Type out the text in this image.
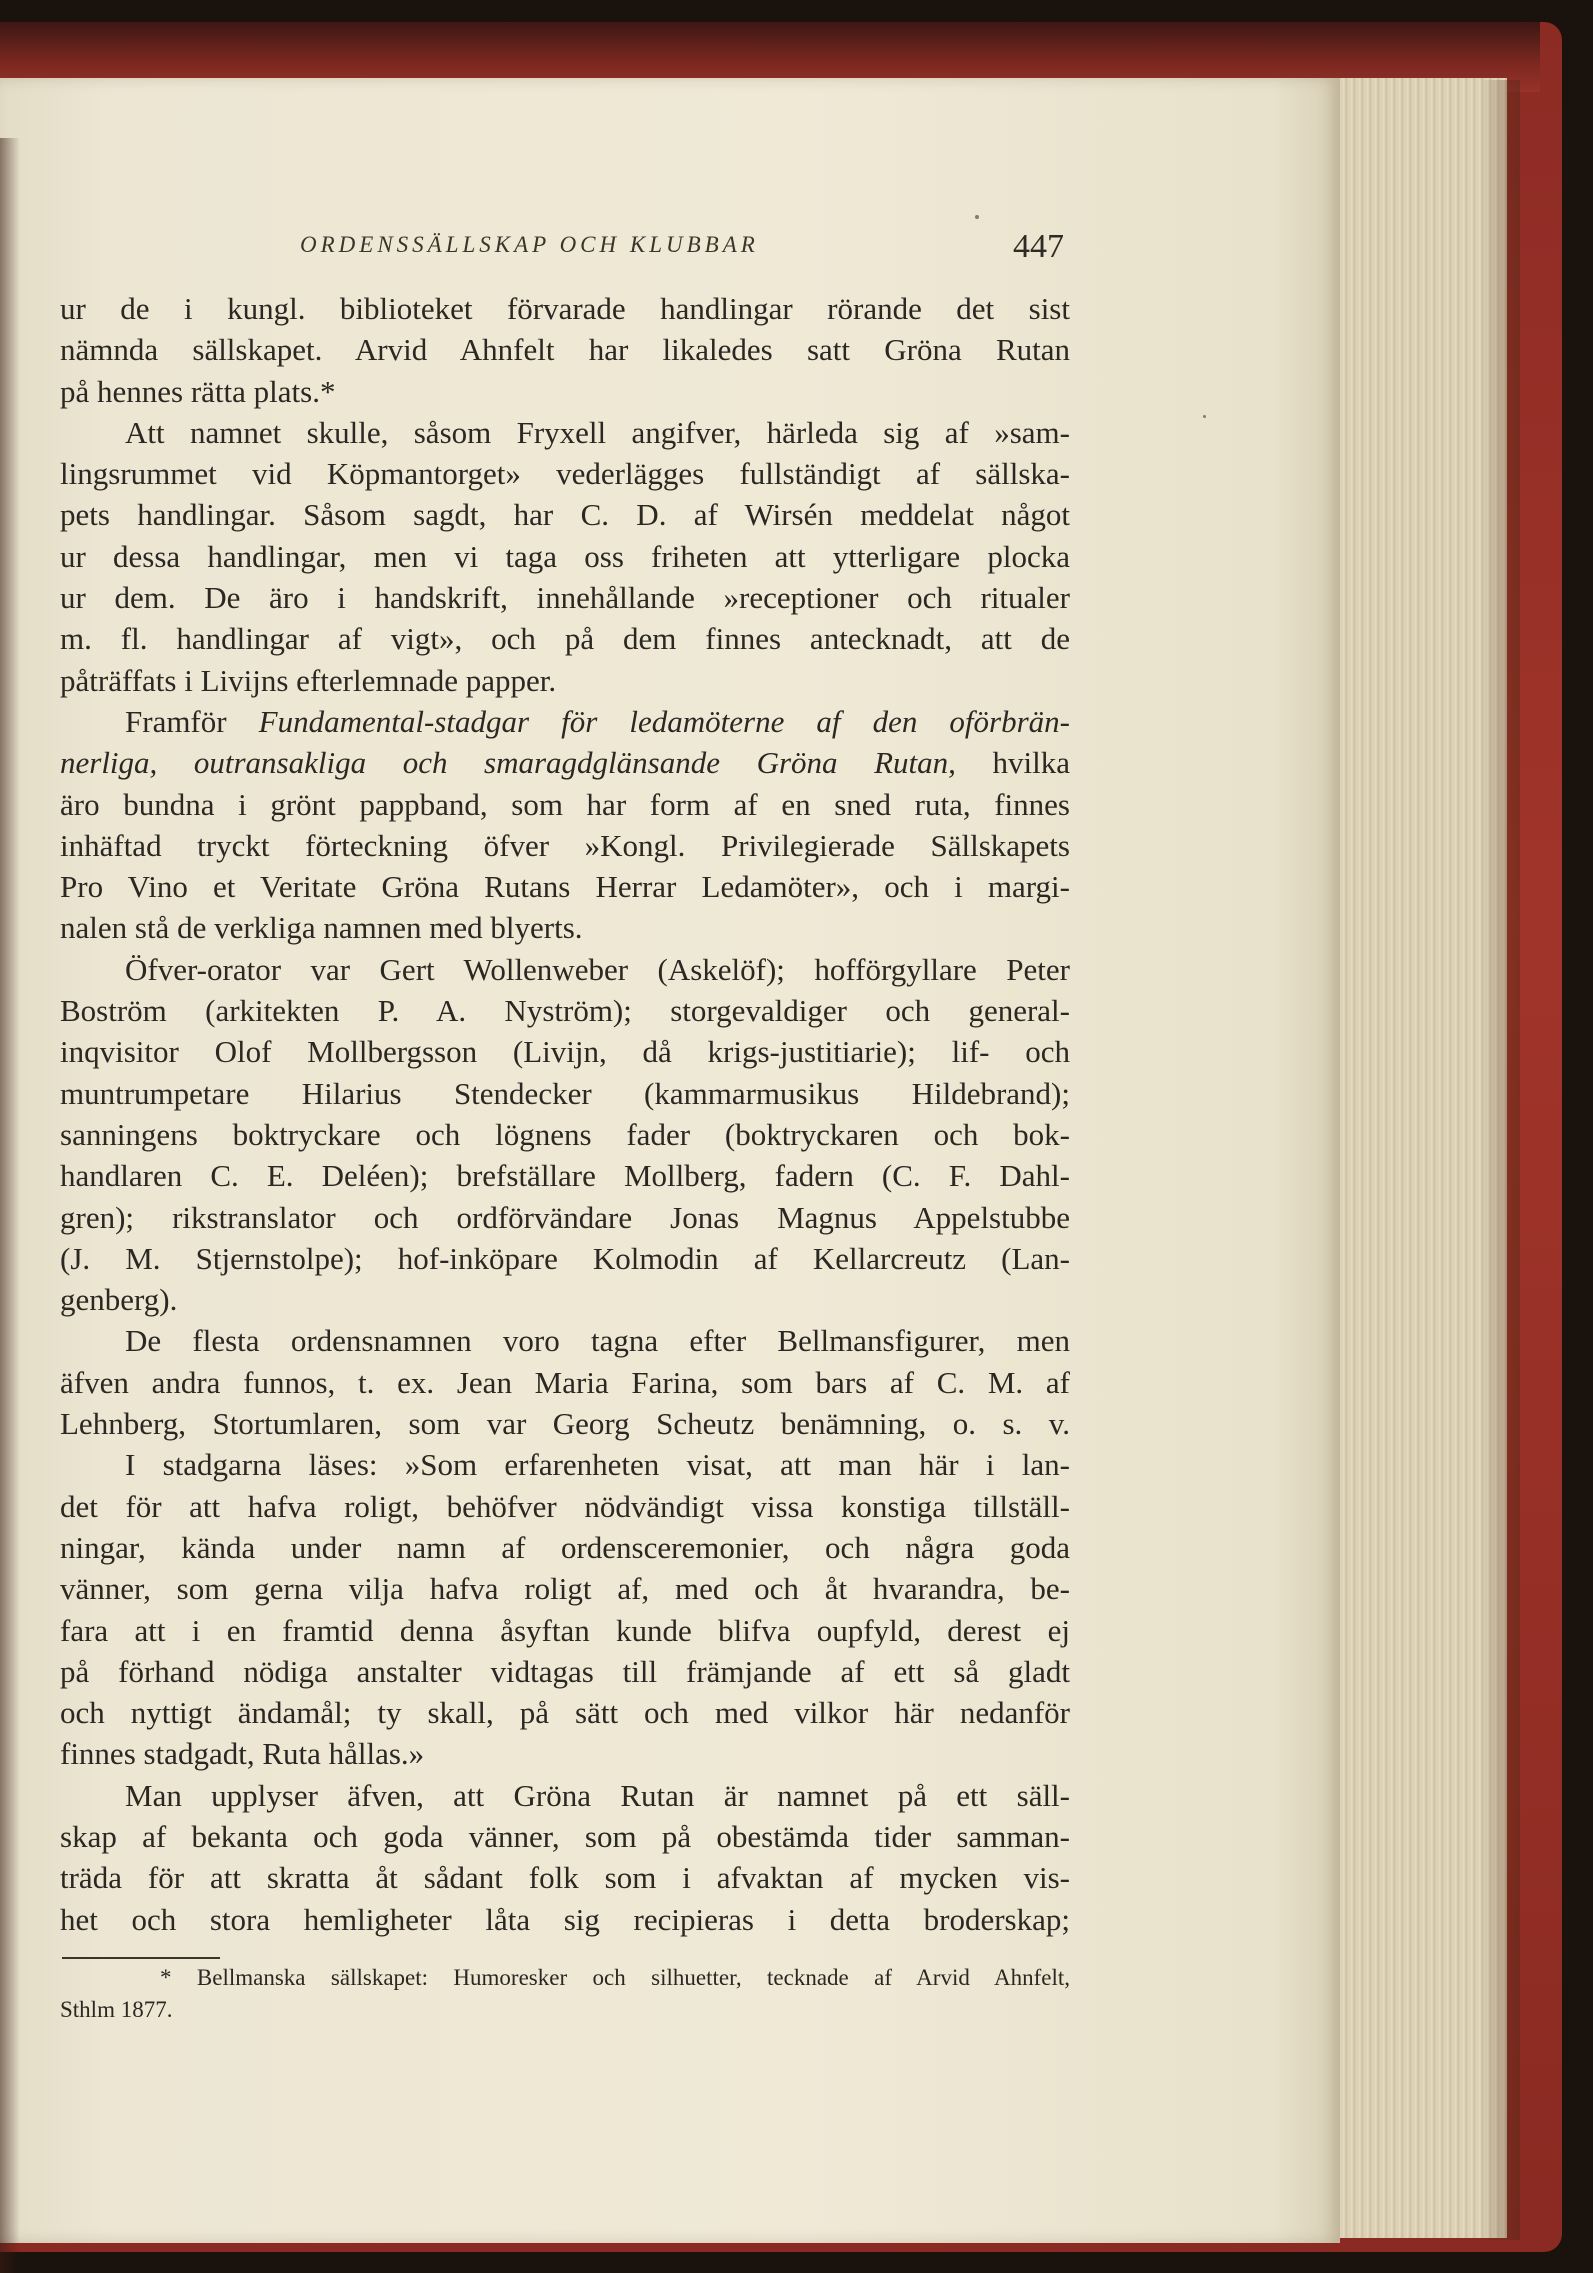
ORDENSSÄLLSKAP OCH KLUBBAR	447
ur de i kungl. biblioteket förvarade handlingar rörande det sist
nämnda sällskapet. Arvid Ahnfelt har likaledes satt Gröna Rutan
på hennes rätta plats.*
Att namnet skulle, såsom Fryxell angifver, härleda sig af »sam-
lingsrummet vid Köpmantorget» vederlägges fullständigt af sällska-
pets handlingar. Såsom sagdt, har C. D. af Wirsén meddelat något
ur dessa handlingar, men vi taga oss friheten att ytterligare plocka
ur dem. De äro i handskrift, innehållande »receptioner och ritualer
m. fl. handlingar af vigt», och på dem finnes antecknadt, att de
påträffats i Livijns efterlemnade papper.
Framför Fundamental-stadgar för ledamöterne af den oförbrän-
nerliga, outransakliga och smaragdglänsande Gröna Rutan, hvilka
äro bundna i grönt pappband, som har form af en sned ruta, finnes
inhäftad tryckt förteckning öfver »Kongl. Privilegierade Sällskapets
Pro Vino et Veritate Gröna Rutans Herrar Ledamöter», och i margi-
nalen stå de verkliga namnen med blyerts.
Öfver-orator var Gert Wollenweber (Askelöf); hofförgyllare Peter
Boström (arkitekten P. A. Nyström); storgevaldiger och general-
inqvisitor Olof Mollbergsson (Livijn, då krigs-justitiarie); lif- och
muntrumpetare Hilarius Stendecker (kammarmusikus Hildebrand);
sanningens boktryckare och lögnens fader (boktryckaren och bok-
handlaren C. E. Deléen); brefställare Mollberg, fadern (C. F. Dahl-
gren); rikstranslator och ordförvändare Jonas Magnus Appelstubbe
(J. M. Stjernstolpe); hof-inköpare Kolmodin af Kellarcreutz (Lan-
genberg).
De flesta ordensnamnen voro tagna efter Bellmansfigurer, men
äfven andra funnos, t. ex. Jean Maria Farina, som bars af C. M. af
Lehnberg, Stortumlaren, som var Georg Scheutz benämning, o. s. v.
I stadgarna läses: »Som erfarenheten visat, att man här i lan-
det för att hafva roligt, behöfver nödvändigt vissa konstiga tillställ-
ningar, kända under namn af ordensceremonier, och några goda
vänner, som gerna vilja hafva roligt af, med och åt hvarandra, be-
fara att i en framtid denna åsyftan kunde blifva oupfyld, derest ej
på förhand nödiga anstalter vidtagas till främjande af ett så gladt
och nyttigt ändamål; ty skall, på sätt och med vilkor här nedanför
finnes stadgadt, Ruta hållas.»
Man upplyser äfven, att Gröna Rutan är namnet på ett säll-
skap af bekanta och goda vänner, som på obestämda tider samman-
träda för att skratta åt sådant folk som i afvaktan af mycken vis-
het och stora hemligheter låta sig recipieras i detta broderskap;
* Bellmanska sällskapet: Humoresker och silhuetter, tecknade af Arvid Ahnfelt,
Sthlm 1877.
